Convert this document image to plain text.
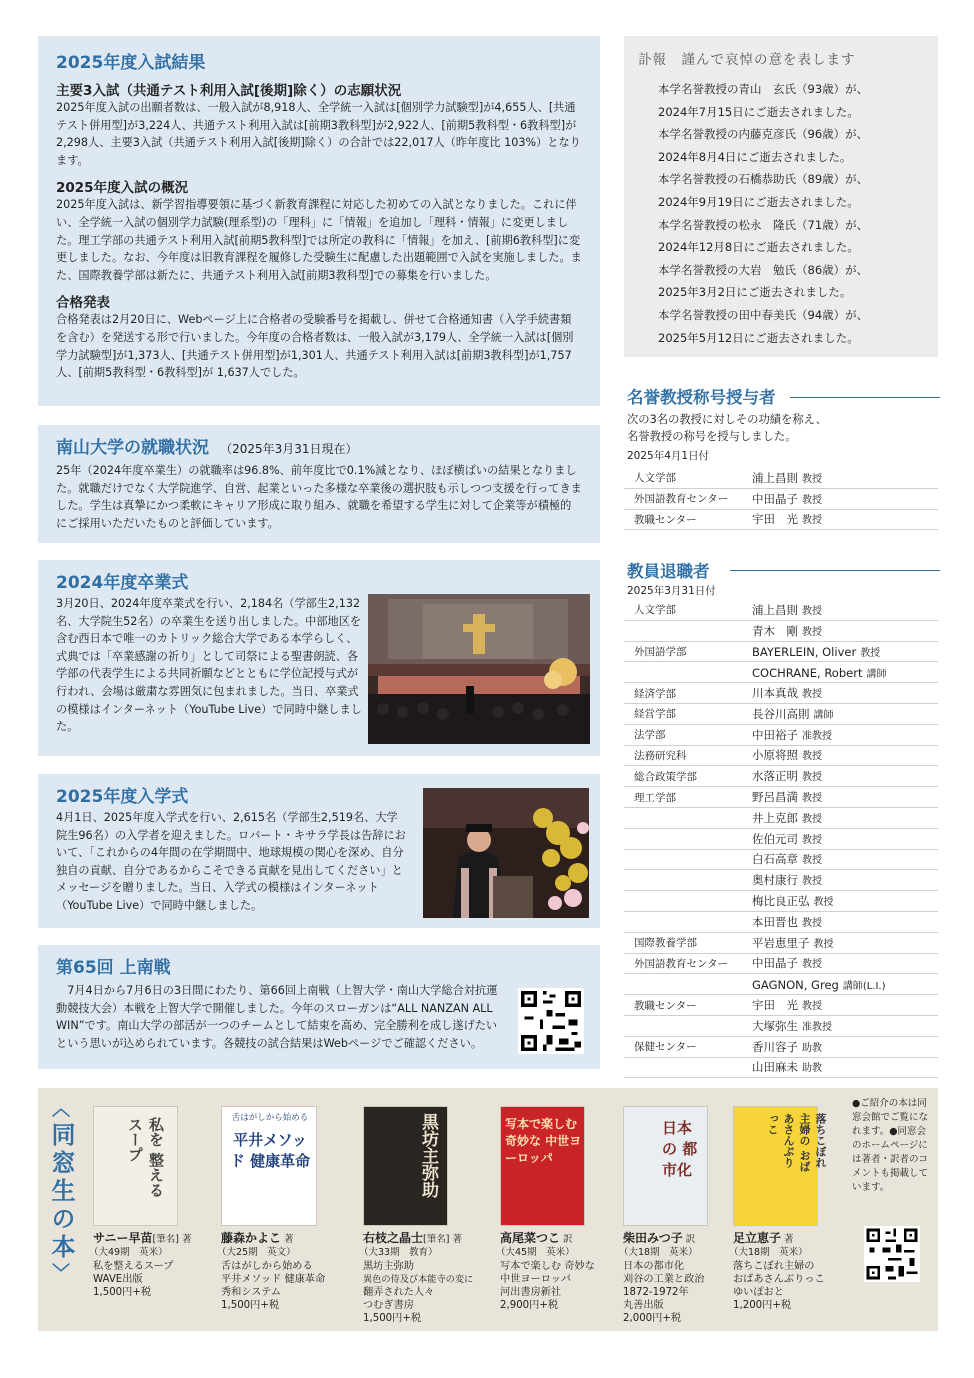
2025年度入試結果
主要3入試（共通テスト利用入試[後期]除く）の志願状況

2025年度入試の出願者数は、一般入試が8,918人、全学統一入試は[個別学力試験型]が4,655人、[共通テスト併用型]が3,224人、共通テスト利用入試は[前期3教科型]が2,922人、[前期5教科型・6教科型]が2,298人、主要3入試（共通テスト利用入試[後期]除く）の合計では22,017人（昨年度比 103%）となります。

2025年度入試の概況

2025年度入試は、新学習指導要領に基づく新教育課程に対応した初めての入試となりました。これに伴い、全学統一入試の個別学力試験(理系型)の「理科」に「情報」を追加し「理科・情報」に変更しました。理工学部の共通テスト利用入試[前期5教科型]では所定の教科に「情報」を加え、[前期6教科型]に変更しました。なお、今年度は旧教育課程を履修した受験生に配慮した出題範囲で入試を実施しました。また、国際教養学部は新たに、共通テスト利用入試[前期3教科型]での募集を行いました。

合格発表

合格発表は2月20日に、Webページ上に合格者の受験番号を掲載し、併せて合格通知書（入学手続書類を含む）を発送する形で行いました。今年度の合格者数は、一般入試が3,179人、全学統一入試は[個別学力試験型]が1,373人、[共通テスト併用型]が1,301人、共通テスト利用入試は[前期3教科型]が1,757人、[前期5教科型・6教科型]が 1,637人でした。

南山大学の就職状況 （2025年3月31日現在）

25年（2024年度卒業生）の就職率は96.8%、前年度比で0.1%減となり、ほぼ横ばいの結果となりました。就職だけでなく大学院進学、自営、起業といった多様な卒業後の選択肢も示しつつ支援を行ってきました。学生は真摯にかつ柔軟にキャリア形成に取り組み、就職を希望する学生に対して企業等が積極的にご採用いただいたものと評価しています。

2024年度卒業式

3月20日、2024年度卒業式を行い、2,184名（学部生2,132名、大学院生52名）の卒業生を送り出しました。中部地区を含む西日本で唯一のカトリック総合大学である本学らしく、式典では「卒業感謝の祈り」として司祭による聖書朗読、各学部の代表学生による共同祈願などとともに学位記授与式が行われ、会場は厳粛な雰囲気に包まれました。当日、卒業式の模様はインターネット（YouTube Live）で同時中継しました。

2025年度入学式

4月1日、2025年度入学式を行い、2,615名（学部生2,519名、大学院生96名）の入学者を迎えました。ロバート・キサラ学長は告辞において、「これからの4年間の在学期間中、地球規模の関心を深め、自分独自の貢献、自分であるからこそできる貢献を見出してください」とメッセージを贈りました。当日、入学式の模様はインターネット（YouTube Live）で同時中継しました。

第65回 上南戦

7月4日から7月6日の3日間にわたり、第66回上南戦（上智大学・南山大学総合対抗運動競技大会）本戦を上智大学で開催しました。今年のスローガンは“ALL NANZAN ALL WIN”です。南山大学の部活が一つのチームとして結束を高め、完全勝利を成し遂げたいという思いが込められています。各競技の試合結果はWebページでご確認ください。

訃報　謹んで哀悼の意を表します
本学名誉教授の青山　玄氏（93歳）が、
2024年7月15日にご逝去されました。
本学名誉教授の内藤克彦氏（96歳）が、
2024年8月4日にご逝去されました。
本学名誉教授の石橋恭助氏（89歳）が、
2024年9月19日にご逝去されました。
本学名誉教授の松永　隆氏（71歳）が、
2024年12月8日にご逝去されました。
本学名誉教授の大岩　勉氏（86歳）が、
2025年3月2日にご逝去されました。
本学名誉教授の田中春美氏（94歳）が、
2025年5月12日にご逝去されました。
名誉教授称号授与者
次の3名の教授に対しその功績を称え、
名誉教授の称号を授与しました。
2025年4月1日付
人文学部	浦上昌則 教授
外国語教育センター	中田晶子 教授
教職センター	宇田　光 教授
教員退職者
2025年3月31日付
人文学部	浦上昌則 教授
	青木　剛 教授
外国語学部	BAYERLEIN, Oliver 教授
	COCHRANE, Robert 講師
経済学部	川本真哉 教授
経営学部	長谷川高則 講師
法学部	中田裕子 准教授
法務研究科	小原将照 教授
総合政策学部	水落正明 教授
理工学部	野呂昌満 教授
	井上克郎 教授
	佐伯元司 教授
	白石高章 教授
	奥村康行 教授
	梅比良正弘 教授
	本田晋也 教授
国際教養学部	平岩恵里子 教授
外国語教育センター	中田晶子 教授
	GAGNON, Greg 講師(L.I.)
教職センター	宇田　光 教授
	大塚弥生 准教授
保健センター	香川容子 助教
	山田麻未 助教
︿
同窓生の本
﹀
私を 整える スープ
サニー早苗[筆名] 著
（大49期　英米）
私を整えるスープ
WAVE出版
1,500円+税
平井メソッド 健康革命
舌はがしから始める
藤森かよこ 著
（大25期　英文）
舌はがしから始める
平井メソッド 健康革命
秀和システム
1,500円+税
黒坊主弥助
右枝之晶士[筆名] 著
（大33期　教育）
黒坊主弥助
異色の侍及び本能寺の変に
翻弄された人々
つむぎ書房
1,500円+税
写本で楽しむ 奇妙な 中世ヨーロッパ
高尾菜つこ 訳
（大45期　英米）
写本で楽しむ 奇妙な
中世ヨーロッパ
河出書房新社
2,900円+税
日本の 都市化
柴田みつ子 訳
（大18期　英米）
日本の都市化
刈谷の工業と政治
1872-1972年
丸善出版
2,000円+税
落ちこぼれ主婦の おばあさんぶりっこ
足立恵子 著
（大18期　英米）
落ちこぼれ主婦の
おばあさんぶりっこ
ゆいぽおと
1,200円+税
●ご紹介の本は同窓会館でご覧になれます。●同窓会のホームページには著者・訳者のコメントも掲載しています。
